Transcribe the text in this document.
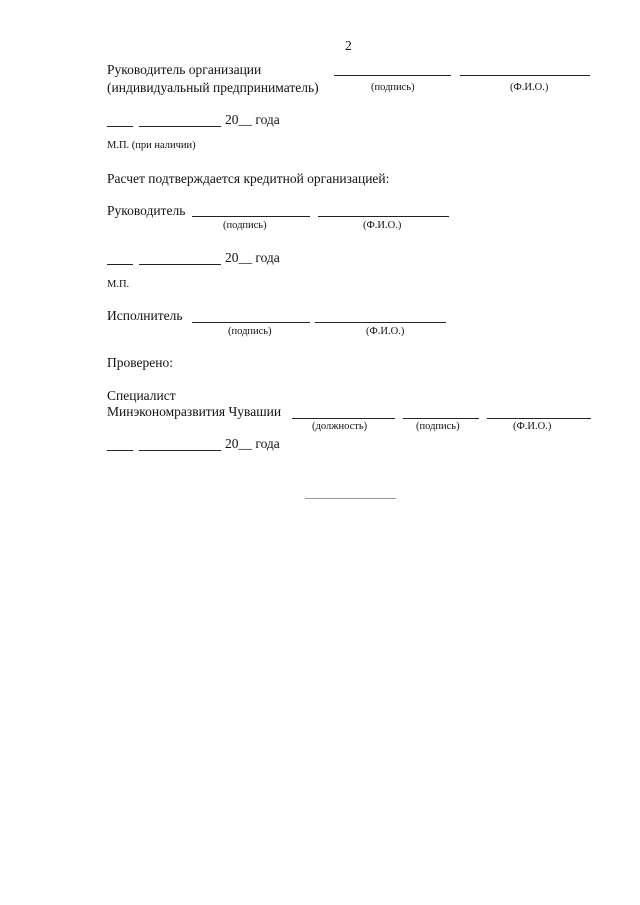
2
Руководитель организации
(индивидуальный предприниматель)	(подпись)	(Ф.И.О.)
20__ года
М.П. (при наличии)
Расчет подтверждается кредитной организацией:
Руководитель
(подпись)	(Ф.И.О.)
20__ года
М.П.
Исполнитель
(подпись)	(Ф.И.О.)
Проверено:
Специалист
Минэкономразвития Чувашии
(должность)	(подпись)	(Ф.И.О.)
20__ года
